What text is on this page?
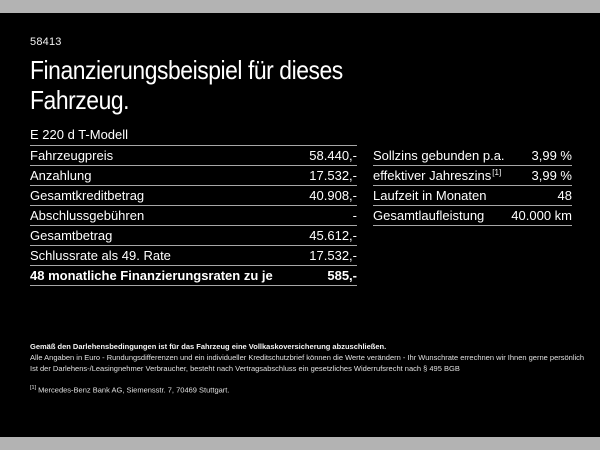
58413
Finanzierungsbeispiel für dieses Fahrzeug.
E 220 d T-Modell
Fahrzeugpreis	58.440,-
Anzahlung	17.532,-
Gesamtkreditbetrag	40.908,-
Abschlussgebühren	-
Gesamtbetrag	45.612,-
Schlussrate als 49. Rate	17.532,-
48 monatliche Finanzierungsraten zu je	585,-
Sollzins gebunden p.a. 3,99 %
effektiver Jahreszins[1] 3,99 %
Laufzeit in Monaten	48
Gesamtlaufleistung 40.000 km

Gemäß den Darlehensbedingungen ist für das Fahrzeug eine Vollkaskoversicherung abzuschließen.

Alle Angaben in Euro - Rundungsdifferenzen und ein individueller Kreditschutzbrief können die Werte verändern - Ihr Wunschrate errechnen wir Ihnen gerne persönlich

Ist der Darlehens-/Leasingnehmer Verbraucher, besteht nach Vertragsabschluss ein gesetzliches Widerrufsrecht nach § 495 BGB

[1] Mercedes-Benz Bank AG, Siemensstr. 7, 70469 Stuttgart.
